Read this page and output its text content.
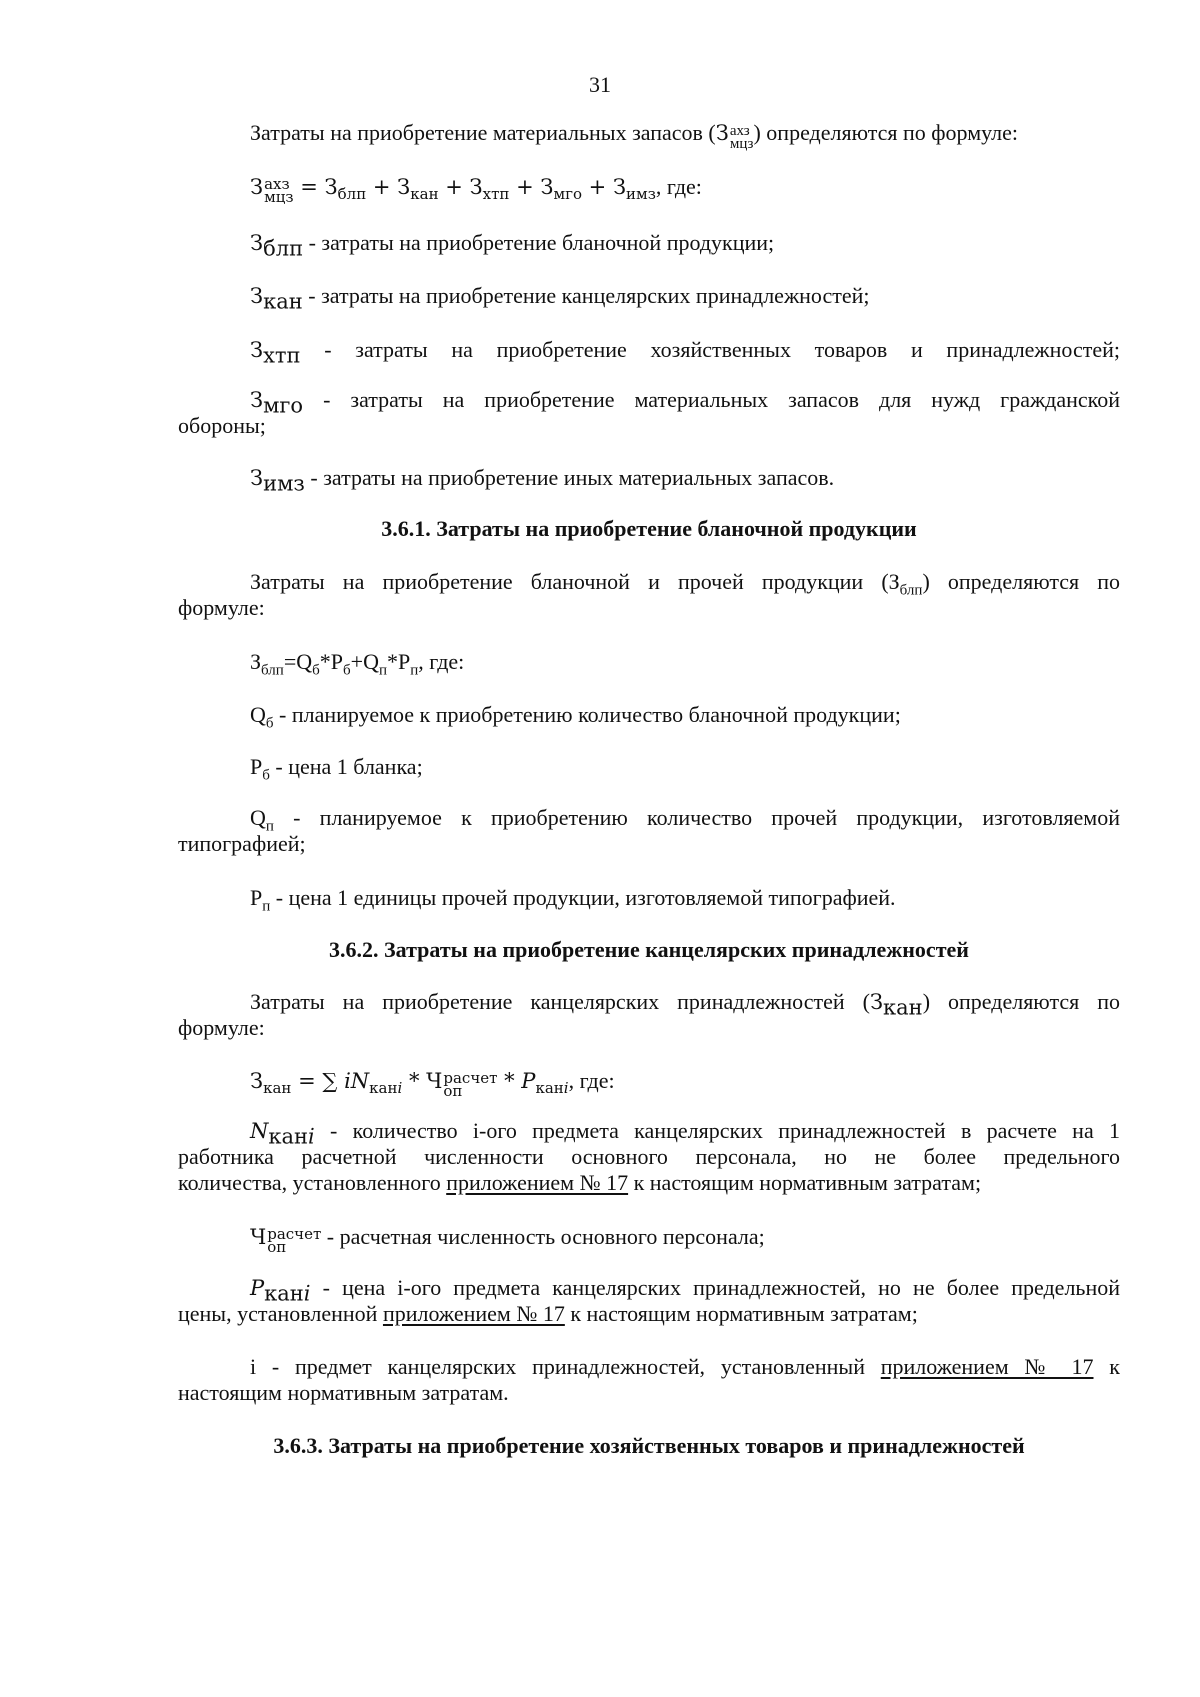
31
Затраты на приобретение материальных запасов (З ахз
мцз ) определяются по формуле:
З ахз
мцз = $З_{блп} + З_{кан} + З_{хтп} + З_{мго} + З_{имз}$, где:
$З_{блп}$ - затраты на приобретение бланочной продукции;
$З_{кан}$ - затраты на приобретение канцелярских принадлежностей;
$З_{хтп}$ - затраты на приобретение хозяйственных товаров и принадлежностей;
$З_{мго}$ - затраты на приобретение материальных запасов для нужд гражданской
обороны;
$З_{имз}$ - затраты на приобретение иных материальных запасов.
3.6.1. Затраты на приобретение бланочной продукции
Затраты на приобретение бланочной и прочей продукции $(З_{блп})$ определяются по
формуле:
$З_{блп}=Q_б*P_б+Q_п*P_п$, где:
$Q_б$ - планируемое к приобретению количество бланочной продукции;
$P_б$ - цена 1 бланка;
$Q_п$ - планируемое к приобретению количество прочей продукции, изготовляемой
типографией;
$P_п$ - цена 1 единицы прочей продукции, изготовляемой типографией.
3.6.2. Затраты на приобретение канцелярских принадлежностей
Затраты на приобретение канцелярских принадлежностей $(З_{кан})$ определяются по
формуле:
$З_{кан}$ = ∑ $iN_{канi}$ * Ч расчет
оп	* $P_{канi}$, где:
$N_{канi}$ - количество i-ого предмета канцелярских принадлежностей в расчете на 1
работника расчетной численности основного персонала, но не более предельного
количества, установленного приложением № 17 к настоящим нормативным затратам;
Ч расчет
оп	- расчетная численность основного персонала;
$P_{канi}$ - цена i-ого предмета канцелярских принадлежностей, но не более предельной
цены, установленной приложением № 17 к настоящим нормативным затратам;
i - предмет канцелярских принадлежностей, установленный приложением № 17 к
настоящим нормативным затратам.
3.6.3. Затраты на приобретение хозяйственных товаров и принадлежностей
